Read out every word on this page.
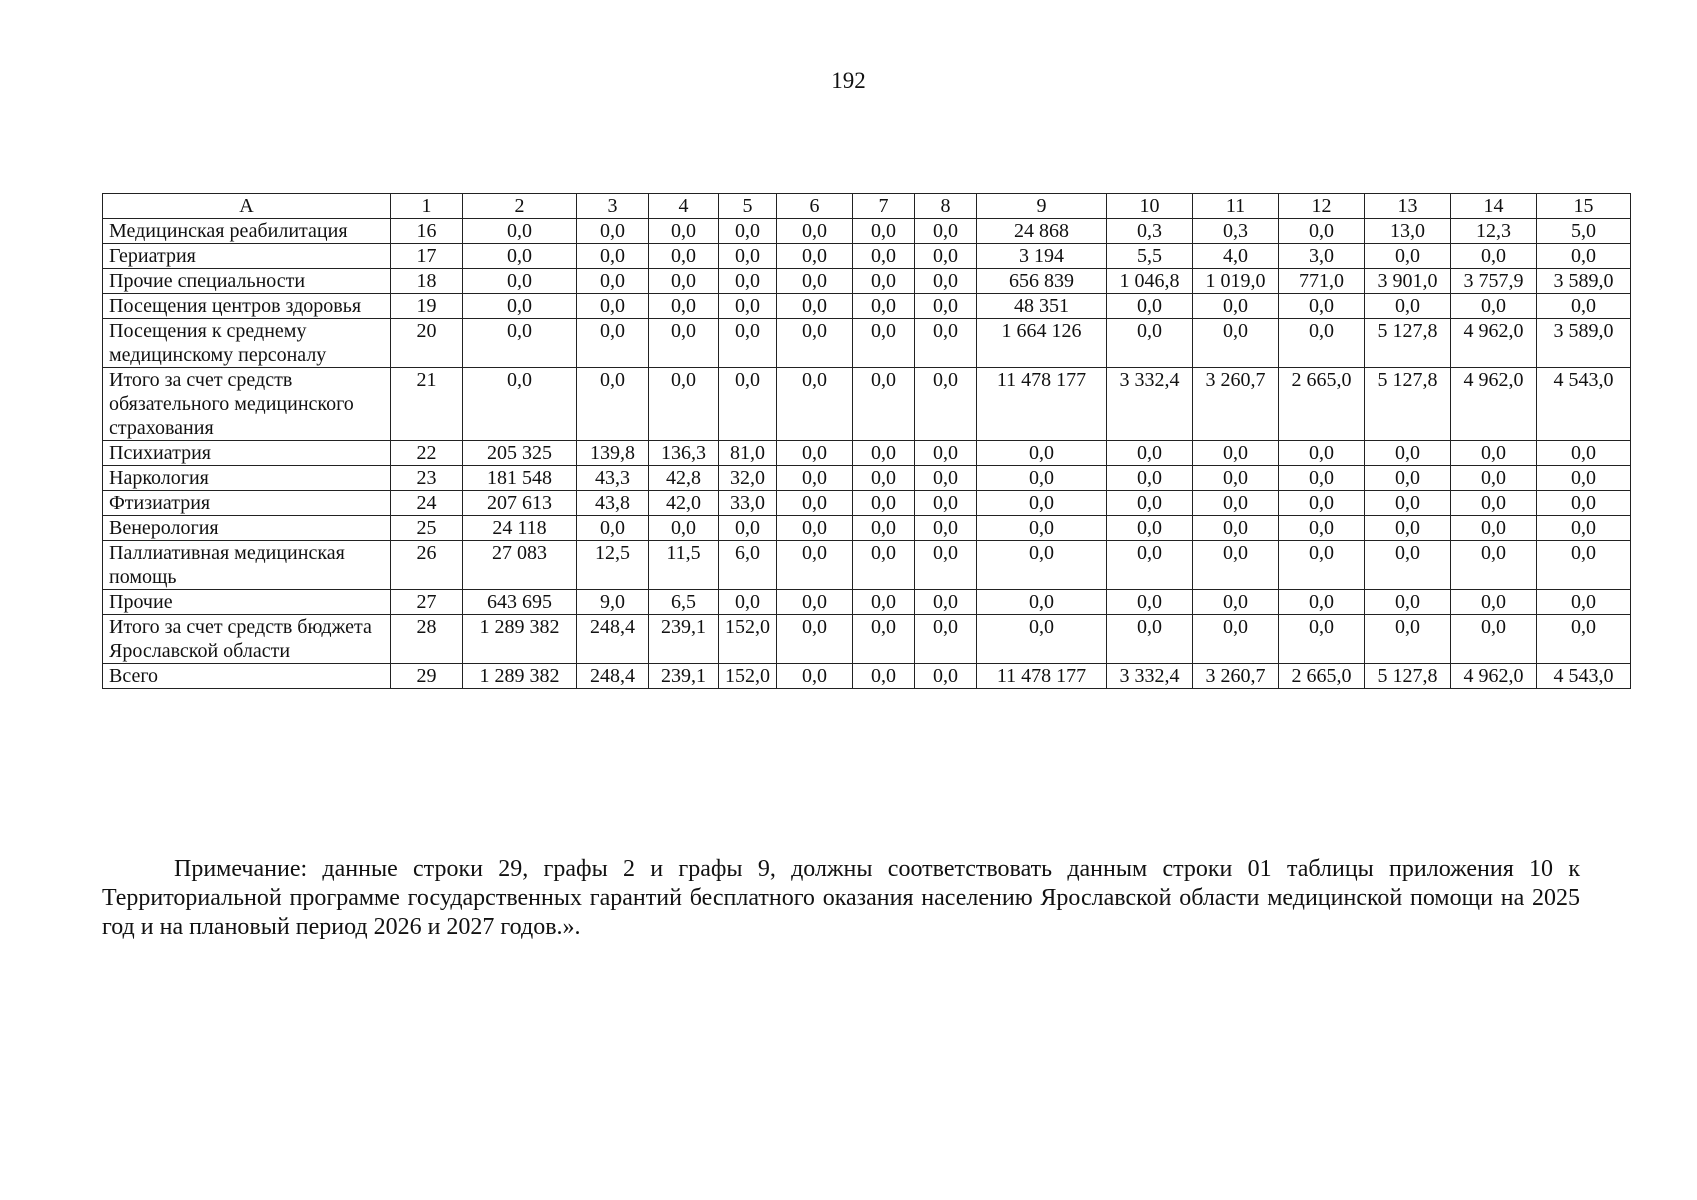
192
А	1	2	3	4	5	6	7	8	9	10	11	12	13	14	15
Медицинская реабилитация	16	0,0	0,0	0,0	0,0	0,0	0,0	0,0	24 868	0,3	0,3	0,0	13,0	12,3	5,0
Гериатрия	17	0,0	0,0	0,0	0,0	0,0	0,0	0,0	3 194	5,5	4,0	3,0	0,0	0,0	0,0
Прочие специальности	18	0,0	0,0	0,0	0,0	0,0	0,0	0,0	656 839	1 046,8	1 019,0	771,0	3 901,0	3 757,9	3 589,0
Посещения центров здоровья	19	0,0	0,0	0,0	0,0	0,0	0,0	0,0	48 351	0,0	0,0	0,0	0,0	0,0	0,0
Посещения к среднему медицинскому персоналу	20	0,0	0,0	0,0	0,0	0,0	0,0	0,0	1 664 126	0,0	0,0	0,0	5 127,8	4 962,0	3 589,0
Итого за счет средств обязательного медицинского страхования	21	0,0	0,0	0,0	0,0	0,0	0,0	0,0	11 478 177	3 332,4	3 260,7	2 665,0	5 127,8	4 962,0	4 543,0
Психиатрия	22	205 325	139,8	136,3	81,0	0,0	0,0	0,0	0,0	0,0	0,0	0,0	0,0	0,0	0,0
Наркология	23	181 548	43,3	42,8	32,0	0,0	0,0	0,0	0,0	0,0	0,0	0,0	0,0	0,0	0,0
Фтизиатрия	24	207 613	43,8	42,0	33,0	0,0	0,0	0,0	0,0	0,0	0,0	0,0	0,0	0,0	0,0
Венерология	25	24 118	0,0	0,0	0,0	0,0	0,0	0,0	0,0	0,0	0,0	0,0	0,0	0,0	0,0
Паллиативная медицинская помощь	26	27 083	12,5	11,5	6,0	0,0	0,0	0,0	0,0	0,0	0,0	0,0	0,0	0,0	0,0
Прочие	27	643 695	9,0	6,5	0,0	0,0	0,0	0,0	0,0	0,0	0,0	0,0	0,0	0,0	0,0
Итого за счет средств бюджета Ярославской области	28	1 289 382	248,4	239,1	152,0	0,0	0,0	0,0	0,0	0,0	0,0	0,0	0,0	0,0	0,0
Всего	29	1 289 382	248,4	239,1	152,0	0,0	0,0	0,0	11 478 177	3 332,4	3 260,7	2 665,0	5 127,8	4 962,0	4 543,0
Примечание: данные строки 29, графы 2 и графы 9, должны соответствовать данным строки 01 таблицы приложения 10 к Территориальной программе государственных гарантий бесплатного оказания населению Ярославской области медицинской помощи на 2025 год и на плановый период 2026 и 2027 годов.».
